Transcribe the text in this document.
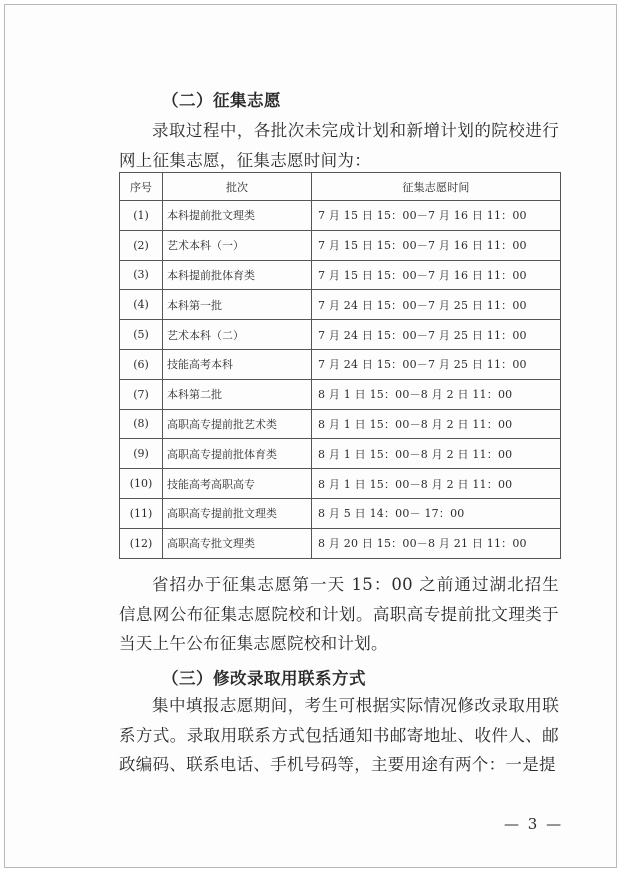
（二）征集志愿
录取过程中，各批次未完成计划和新增计划的院校进行网上征集志愿，征集志愿时间为：
序号	批次	征集志愿时间
(1)	本科提前批文理类	7 月 15 日 15：00－7 月 16 日 11：00
(2)	艺术本科（一）	7 月 15 日 15：00－7 月 16 日 11：00
(3)	本科提前批体育类	7 月 15 日 15：00－7 月 16 日 11：00
(4)	本科第一批	7 月 24 日 15：00－7 月 25 日 11：00
(5)	艺术本科（二）	7 月 24 日 15：00－7 月 25 日 11：00
(6)	技能高考本科	7 月 24 日 15：00－7 月 25 日 11：00
(7)	本科第二批	8 月 1 日 15：00－8 月 2 日 11：00
(8)	高职高专提前批艺术类	8 月 1 日 15：00－8 月 2 日 11：00
(9)	高职高专提前批体育类	8 月 1 日 15：00－8 月 2 日 11：00
(10)	技能高考高职高专	8 月 1 日 15：00－8 月 2 日 11：00
(11)	高职高专提前批文理类	8 月 5 日 14：00－ 17：00
(12)	高职高专批文理类	8 月 20 日 15：00－8 月 21 日 11：00
省招办于征集志愿第一天 15：00 之前通过湖北招生信息网公布征集志愿院校和计划。高职高专提前批文理类于当天上午公布征集志愿院校和计划。
（三）修改录取用联系方式
集中填报志愿期间，考生可根据实际情况修改录取用联系方式。录取用联系方式包括通知书邮寄地址、收件人、邮政编码、联系电话、手机号码等，主要用途有两个：一是提
— 3 —
